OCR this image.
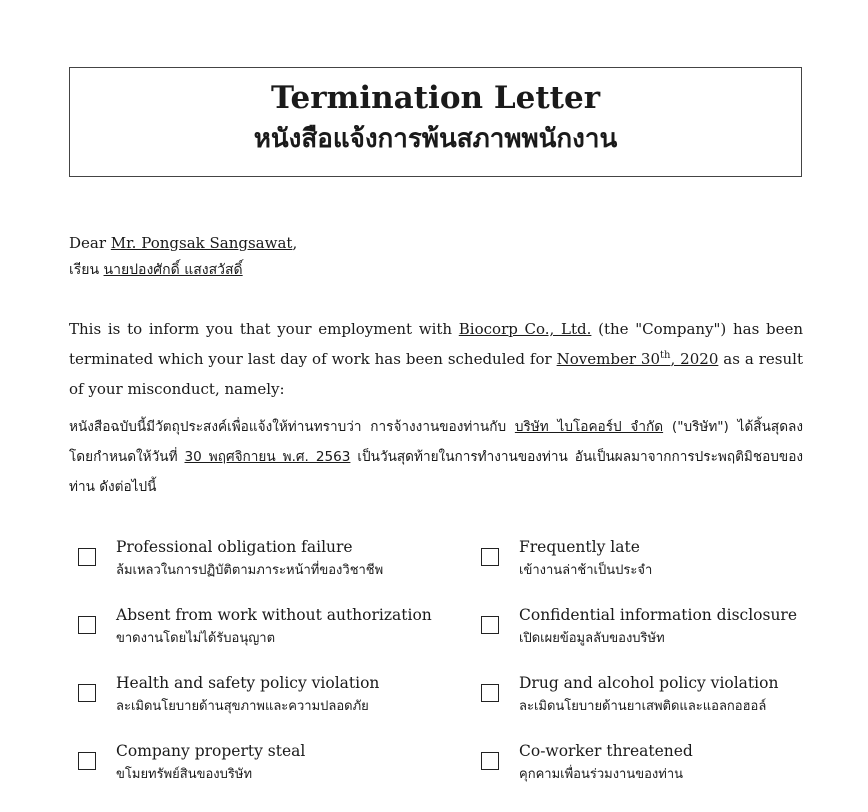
Termination Letter
หนังสือแจ้งการพ้นสภาพพนักงาน
Dear Mr. Pongsak Sangsawat,
เรียน นายปองศักดิ์ แสงสวัสดิ์
This is to inform you that your employment with Biocorp Co., Ltd. (the "Company") has been terminated which your last day of work has been scheduled for November 30th, 2020 as a result of your misconduct, namely:
หนังสือฉบับนี้มีวัตถุประสงค์เพื่อแจ้งให้ท่านทราบว่า การจ้างงานของท่านกับ บริษัท ไบโอคอร์ป จำกัด ("บริษัท") ได้สิ้นสุดลง โดยกำหนดให้วันที่ 30 พฤศจิกายน พ.ศ. 2563 เป็นวันสุดท้ายในการทำงานของท่าน อันเป็นผลมาจากการประพฤติมิชอบของท่าน ดังต่อไปนี้
Professional obligation failure
ล้มเหลวในการปฏิบัติตามภาระหน้าที่ของวิชาชีพ
Frequently late
เข้างานล่าช้าเป็นประจำ
Absent from work without authorization
ขาดงานโดยไม่ได้รับอนุญาต
Confidential information disclosure
เปิดเผยข้อมูลลับของบริษัท
Health and safety policy violation
ละเมิดนโยบายด้านสุขภาพและความปลอดภัย
Drug and alcohol policy violation
ละเมิดนโยบายด้านยาเสพติดและแอลกอฮอล์
Company property steal
ขโมยทรัพย์สินของบริษัท
Co-worker threatened
คุกคามเพื่อนร่วมงานของท่าน
